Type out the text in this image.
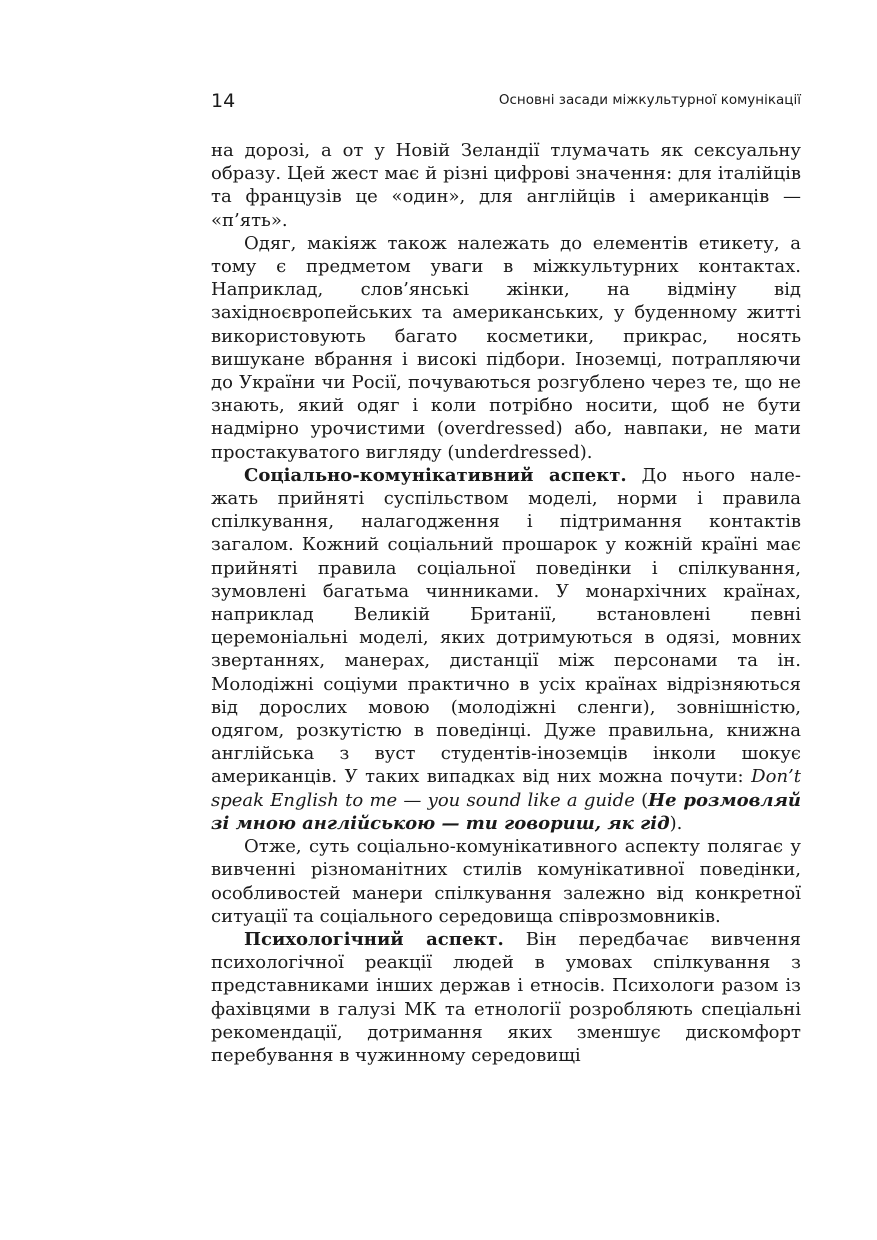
14	Основні засади міжкультурної комунікації

на дорозі, а от у Новій Зеландії тлумачать як сексуальну образу. Цей жест має й різні цифрові значення: для італійців та французів це «один», для англійців і американців — «п’ять».

Одяг, макіяж також належать до елементів етикету, а тому є предметом уваги в міжкультурних контактах. Наприклад, слов’янські жінки, на відміну від західноєвропейських та американських, у буденному житті використовують багато косметики, прикрас, носять вишукане вбрання і високі підбори. Іноземці, потрапляючи до України чи Росії, почуваються розгублено через те, що не знають, який одяг і коли потрібно носити, щоб не бути надмірно урочистими (overdressed) або, навпаки, не мати простакуватого вигляду (underdressed).

Соціально-комунікативний аспект. До нього належать прийняті суспільством моделі, норми і правила спілкування, налагодження і підтримання контактів загалом. Кожний соціальний прошарок у кожній країні має прийняті правила соціальної поведінки і спілкування, зумовлені багатьма чинниками. У монархічних країнах, наприклад Великій Британії, встановлені певні церемоніальні моделі, яких дотримуються в одязі, мовних звертаннях, манерах, дистанції між персонами та ін. Молодіжні соціуми практично в усіх країнах відрізняються від дорослих мовою (молодіжні сленги), зовнішністю, одягом, розкутістю в поведінці. Дуже правильна, книжна англійська з вуст студентів-іноземців інколи шокує американців. У таких випадках від них можна почути: Don’t speak English to me — you sound like a guide (Не розмовляй зі мною англійською — ти говориш, як гід).

Отже, суть соціально-комунікативного аспекту полягає у вивченні різноманітних стилів комунікативної поведінки, особливостей манери спілкування залежно від конкретної ситуації та соціального середовища співрозмовників.

Психологічний аспект. Він передбачає вивчення психологічної реакції людей в умовах спілкування з представниками інших держав і етносів. Психологи разом із фахівцями в галузі МК та етнології розробляють спеціальні рекомендації, дотримання яких зменшує дискомфорт перебування в чужинному середовищі
